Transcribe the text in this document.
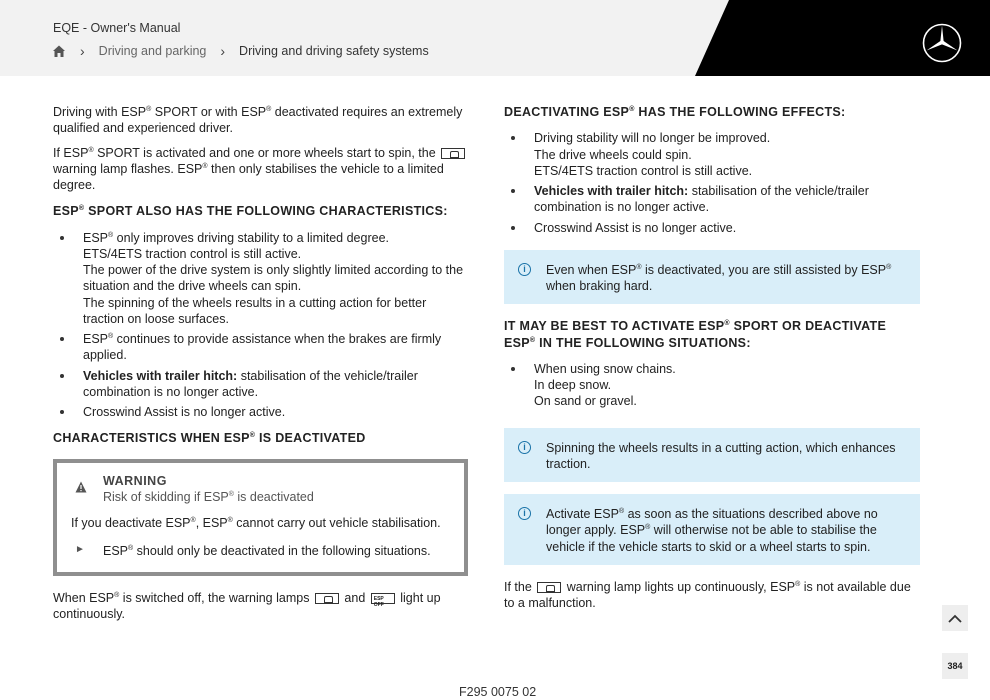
EQE - Owner's Manual
› Driving and parking › Driving and driving safety systems

Driving with ESP® SPORT or with ESP® deactivated requires an extremely qualified and experienced driver.

If ESP® SPORT is activated and one or more wheels start to spin, the  warning lamp flashes. ESP® then only stabilises the vehicle to a limited degree.

ESP® SPORT ALSO HAS THE FOLLOWING CHARACTERISTICS:
ESP® only improves driving stability to a limited degree.
ETS/4ETS traction control is still active.
The power of the drive system is only slightly limited according to the situation and the drive wheels can spin.
The spinning of the wheels results in a cutting action for better traction on loose surfaces.
ESP® continues to provide assistance when the brakes are firmly applied.
Vehicles with trailer hitch: stabilisation of the vehicle/trailer combination is no longer active.
Crosswind Assist is no longer active.
CHARACTERISTICS WHEN ESP® IS DEACTIVATED
WARNING
Risk of skidding if ESP® is deactivated
If you deactivate ESP®, ESP® cannot carry out vehicle stabilisation.
► ESP® should only be deactivated in the following situations.

When ESP® is switched off, the warning lamps	and ESP OFF
light up continuously.

DEACTIVATING ESP® HAS THE FOLLOWING EFFECTS:
Driving stability will no longer be improved.
The drive wheels could spin.
ETS/4ETS traction control is still active.
Vehicles with trailer hitch: stabilisation of the vehicle/trailer combination is no longer active.
Crosswind Assist is no longer active.
i	Even when ESP® is deactivated, you are still assisted by ESP® when braking hard.
IT MAY BE BEST TO ACTIVATE ESP® SPORT OR DEACTIVATE ESP® IN THE FOLLOWING SITUATIONS:
When using snow chains.
In deep snow.
On sand or gravel.
i	Spinning the wheels results in a cutting action, which enhances traction.
i	Activate ESP® as soon as the situations described above no longer apply. ESP® will otherwise not be able to stabilise the vehicle if the vehicle starts to skid or a wheel starts to spin.

If the	warning lamp lights up continuously, ESP® is not available due to a malfunction.

F295 0075 02
384
